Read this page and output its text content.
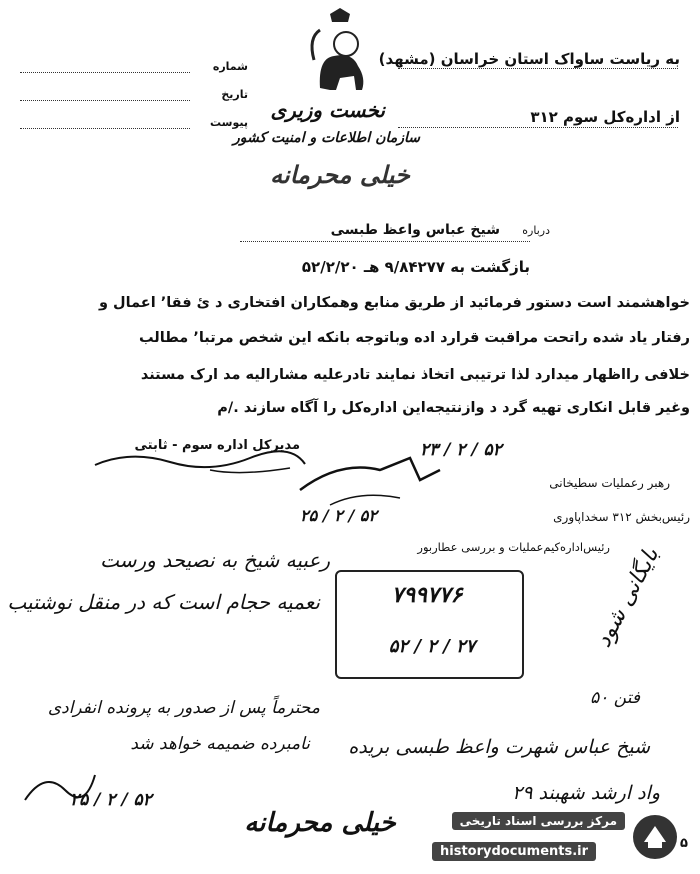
شماره
تاریخ
پیوست
به ریاست ساواک استان خراسان (مشهد)
از اداره‌کل سوم ۳۱۲
نخست وزیری
سازمان اطلاعات و امنیت کشور
خیلی محرمانه
درباره
شیخ عباس واعظ طبسی
بازگشت به ۹/۸۴۲۷۷ هـ ۵۲/۲/۲۰
خواهشمند است دستور فرمائید از طریق منابع وهمکاران افتخاری د ئ فقا٬ اعمال و
رفتار یاد شده راتحت مراقبت قرارد اده وباتوجه بانکه این شخص مرتبا٬ مطالب
خلافی رااظهار میدارد لذا ترتیبی اتخاذ نمایند تادرعلیه مشارالیه مد ارک مستند
وغیر قابل انکاری تهیه گرد د وازنتیجه‌این اداره‌کل را آگاه سازند ./م
مدیرکل اداره سوم - ثابتی	۲۳ / ۲ / ۵۲
رهبر رعملیات سطیخانی
رئیس‌بخش ۳۱۲ سخداپاوری
۲۵ / ۲ / ۵۲
رئیس‌اداره‌کیم‌عملیات و بررسی عطاربور
رعبیه شیخ به نصیحد ورست
نعمیه حجام است که در منقل نوشتیب	بایگانی شود
۷۹۹۷۷۶
۵۲ / ۲ / ۲۷
محترماً پس از صدور به پرونده انفرادی
نامبرده ضمیمه خواهد شد
۲۵ / ۲ / ۵۲
فتن ۵۰
شیخ عباس شهرت واعظ طبسی بریده
واد ارشد شهبند ۲۹
خیلی محرمانه	مرکز بررسی اسناد تاریخی
historydocuments.ir
۵
